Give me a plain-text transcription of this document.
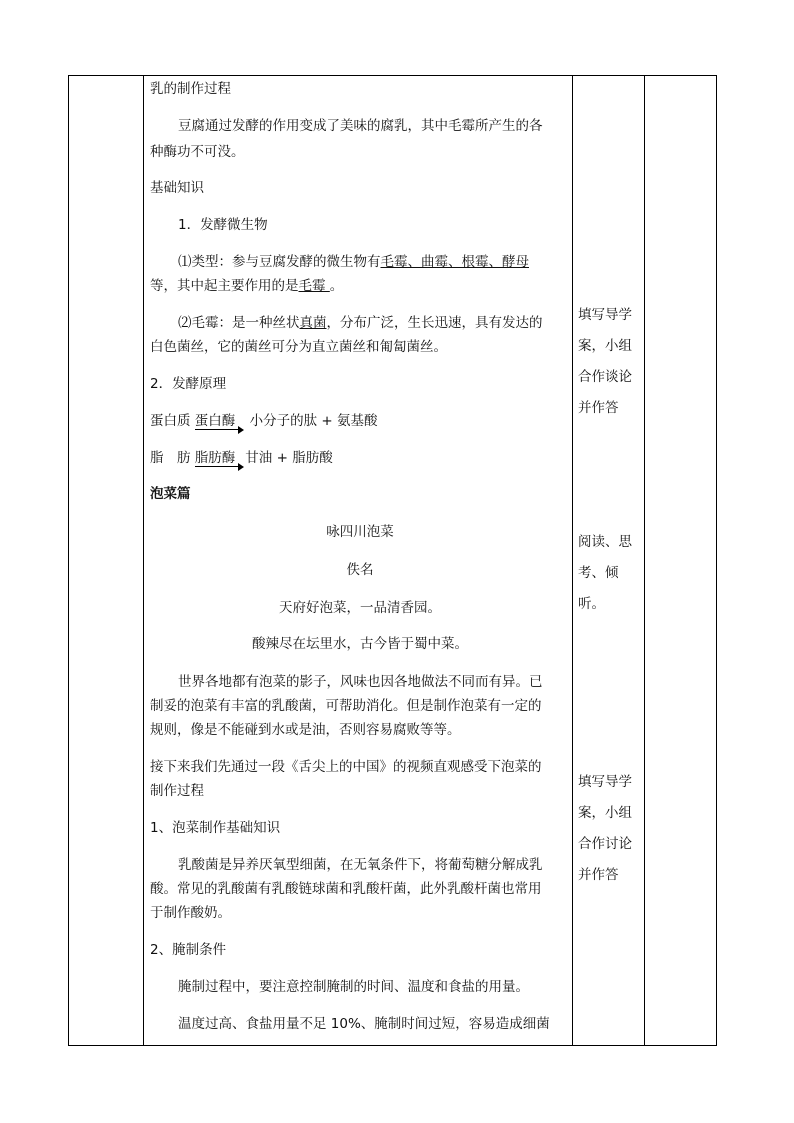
乳的制作过程
豆腐通过发酵的作用变成了美味的腐乳，其中毛霉所产生的各
种酶功不可没。
基础知识
1．发酵微生物
⑴类型：参与豆腐发酵的微生物有毛霉、曲霉、根霉、酵母
等，其中起主要作用的是毛霉 。
⑵毛霉：是一种丝状真菌，分布广泛，生长迅速，具有发达的
白色菌丝，它的菌丝可分为直立菌丝和匍匐菌丝。
2．发酵原理
蛋白质 蛋白酶 小分子的肽 + 氨基酸
脂　肪 脂肪酶 甘油 + 脂肪酸
泡菜篇
咏四川泡菜
佚名
天府好泡菜，一品清香园。
酸辣尽在坛里水，古今皆于蜀中菜。
世界各地都有泡菜的影子，风味也因各地做法不同而有异。已
制妥的泡菜有丰富的乳酸菌，可帮助消化。但是制作泡菜有一定的
规则，像是不能碰到水或是油，否则容易腐败等等。
接下来我们先通过一段《舌尖上的中国》的视频直观感受下泡菜的
制作过程
1、泡菜制作基础知识
乳酸菌是异养厌氧型细菌，在无氧条件下，将葡萄糖分解成乳
酸。常见的乳酸菌有乳酸链球菌和乳酸杆菌，此外乳酸杆菌也常用
于制作酸奶。
2、腌制条件
腌制过程中，要注意控制腌制的时间、温度和食盐的用量。
温度过高、食盐用量不足 10%、腌制时间过短，容易造成细菌
填写导学
案，小组
合作谈论
并作答
阅读、思
考、倾
听。
填写导学
案，小组
合作讨论
并作答
